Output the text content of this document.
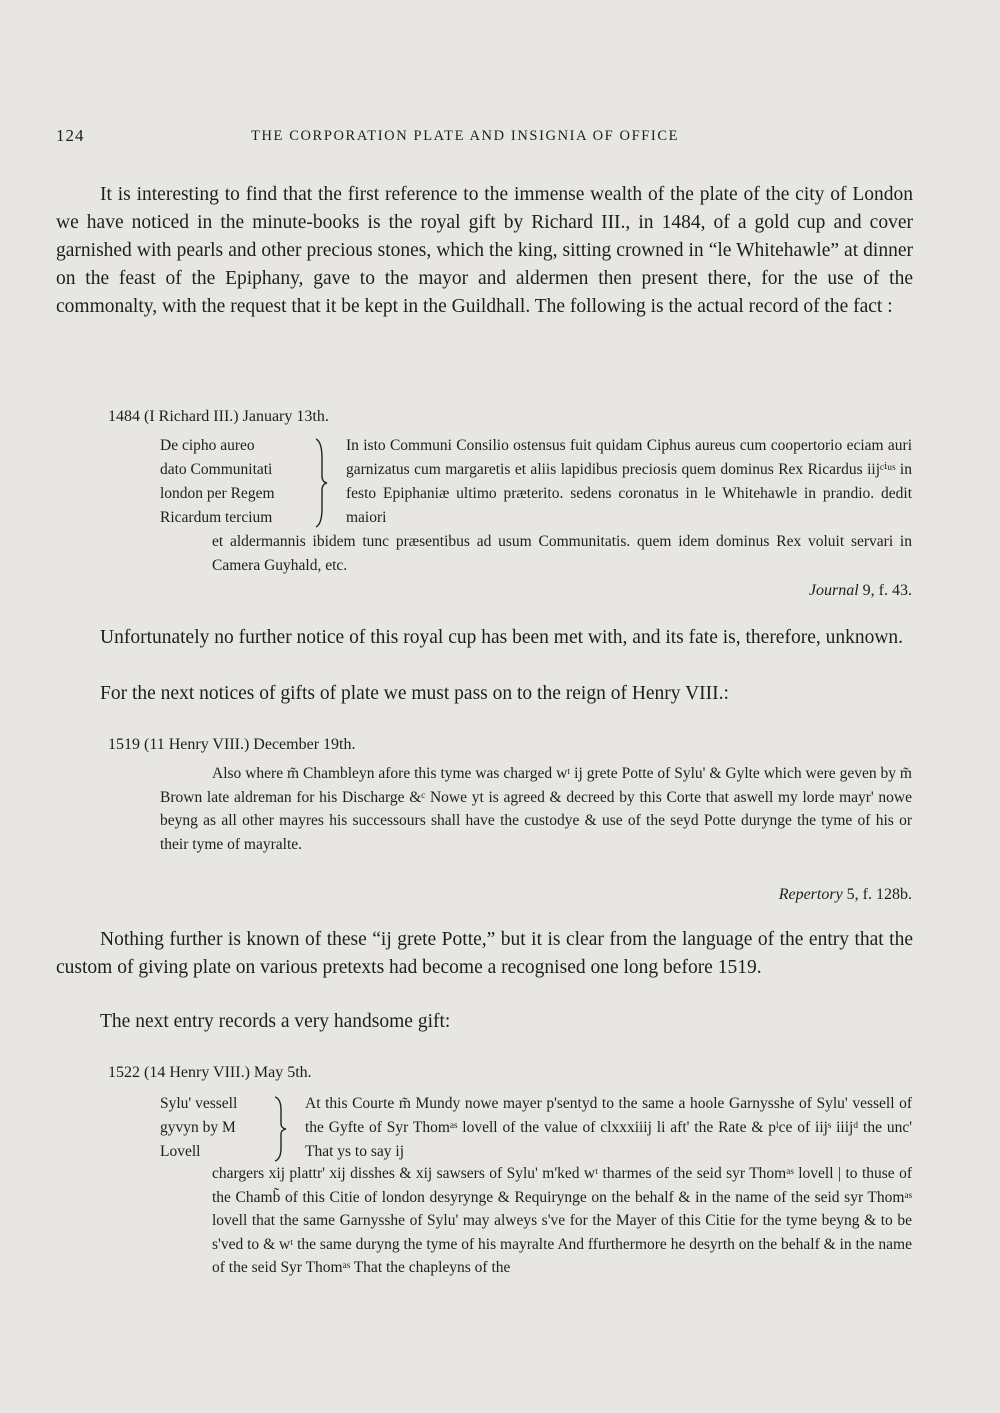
124	THE CORPORATION PLATE AND INSIGNIA OF OFFICE

It is interesting to find that the first reference to the immense wealth of the plate of the city of London we have noticed in the minute-books is the royal gift by Richard III., in 1484, of a gold cup and cover garnished with pearls and other precious stones, which the king, sitting crowned in “le Whitehawle” at dinner on the feast of the Epiphany, gave to the mayor and aldermen then present there, for the use of the commonalty, with the request that it be kept in the Guildhall. The following is the actual record of the fact :

1484 (I Richard III.) January 13th.

De cipho aureo
dato Communitati
london per Regem
Ricardum tercium

In isto Communi Consilio ostensus fuit quidam Ciphus aureus cum coopertorio eciam auri garnizatus cum margaretis et aliis lapidibus preciosis quem dominus Rex Ricardus iijᶜⁱᵘˢ in festo Epiphaniæ ultimo præterito. sedens coronatus in le Whitehawle in prandio. dedit maiori

et aldermannis ibidem tunc præsentibus ad usum Communitatis. quem idem dominus Rex voluit servari in Camera Guyhald, etc.

Journal 9, f. 43.

Unfortunately no further notice of this royal cup has been met with, and its fate is, therefore, unknown.

For the next notices of gifts of plate we must pass on to the reign of Henry VIII.:

1519 (11 Henry VIII.) December 19th.

Also where m̃ Chambleyn afore this tyme was charged wᵗ ij grete Potte of Sylu' & Gylte which were geven by m̃ Brown late aldreman for his Discharge &ᶜ Nowe yt is agreed & decreed by this Corte that aswell my lorde mayr' nowe beyng as all other mayres his successours shall have the custodye & use of the seyd Potte durynge the tyme of his or their tyme of mayralte.

Repertory 5, f. 128b.

Nothing further is known of these “ij grete Potte,” but it is clear from the language of the entry that the custom of giving plate on various pretexts had become a recognised one long before 1519.

The next entry records a very handsome gift:

1522 (14 Henry VIII.) May 5th.

Sylu' vessell
gyvyn by M
Lovell

At this Courte m̃ Mundy nowe mayer p'sentyd to the same a hoole Garnysshe of Sylu' vessell of the Gyfte of Syr Thomᵃˢ lovell of the value of clxxxiiij li aft' the Rate & pˡce of iijˢ iiijᵈ the unc' That ys to say ij

chargers xij plattr' xij disshes & xij sawsers of Sylu' m'ked wᵗ tharmes of the seid syr Thomᵃˢ lovell | to thuse of the Chamb̃ of this Citie of london desyrynge & Requirynge on the behalf & in the name of the seid syr Thomᵃˢ lovell that the same Garnysshe of Sylu' may alweys s've for the Mayer of this Citie for the tyme beyng & to be s'ved to & wᵗ the same duryng the tyme of his mayralte And ffurthermore he desyrth on the behalf & in the name of the seid Syr Thomᵃˢ That the chapleyns of the
